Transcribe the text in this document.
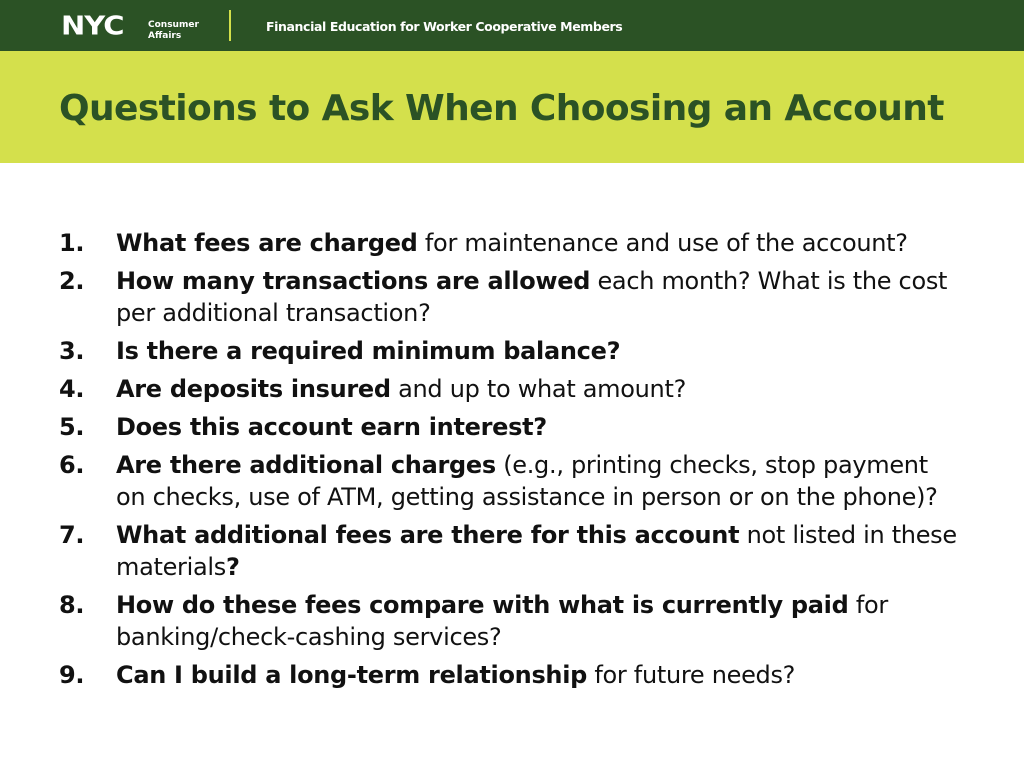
NYC	Consumer
Affairs
Financial Education for Worker Cooperative Members
Questions to Ask When Choosing an Account
1. What fees are charged for maintenance and use of the account?
2. How many transactions are allowed each month? What is the cost per additional transaction?
3. Is there a required minimum balance?
4. Are deposits insured and up to what amount?
5. Does this account earn interest?
6. Are there additional charges (e.g., printing checks, stop payment on checks, use of ATM, getting assistance in person or on the phone)?
7. What additional fees are there for this account not listed in these materials?
8. How do these fees compare with what is currently paid for banking/check-cashing services?
9. Can I build a long-term relationship for future needs?
